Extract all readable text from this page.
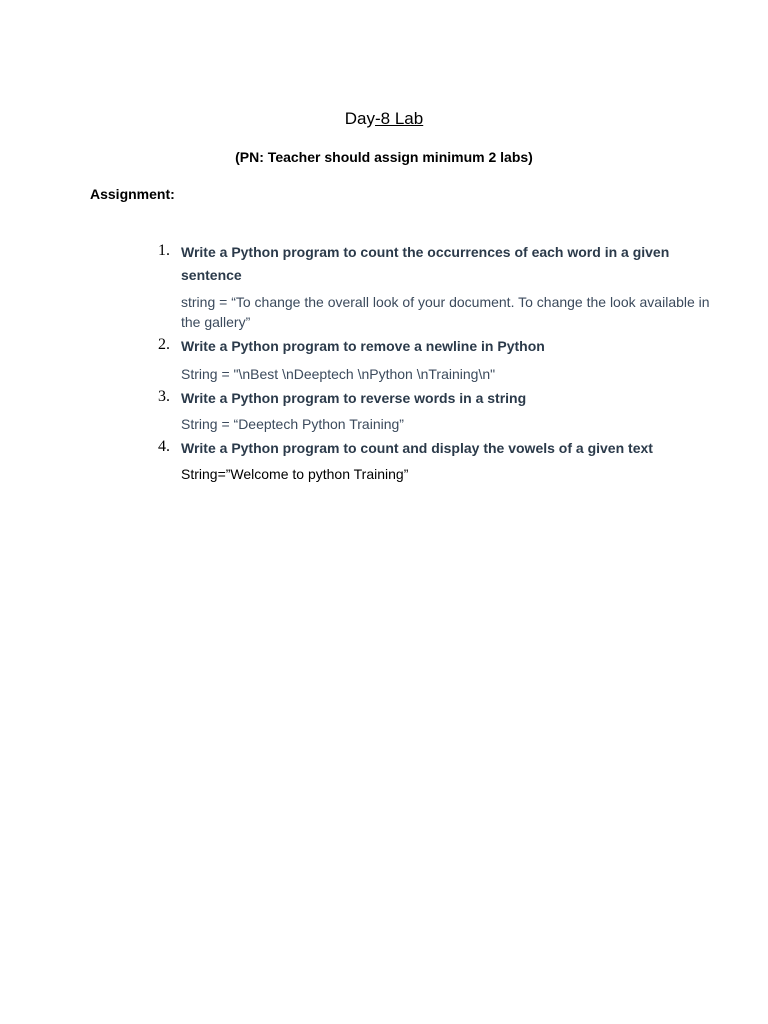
Day-8 Lab

(PN: Teacher should assign minimum 2 labs)

Assignment:

1. Write a Python program to count the occurrences of each word in a given sentence
string = “To change the overall look of your document. To change the look available in the gallery”
2. Write a Python program to remove a newline in Python
String = "\nBest \nDeeptech \nPython \nTraining\n"
3. Write a Python program to reverse words in a string
String = “Deeptech Python Training”
4. Write a Python program to count and display the vowels of a given text
String=”Welcome to python Training”
